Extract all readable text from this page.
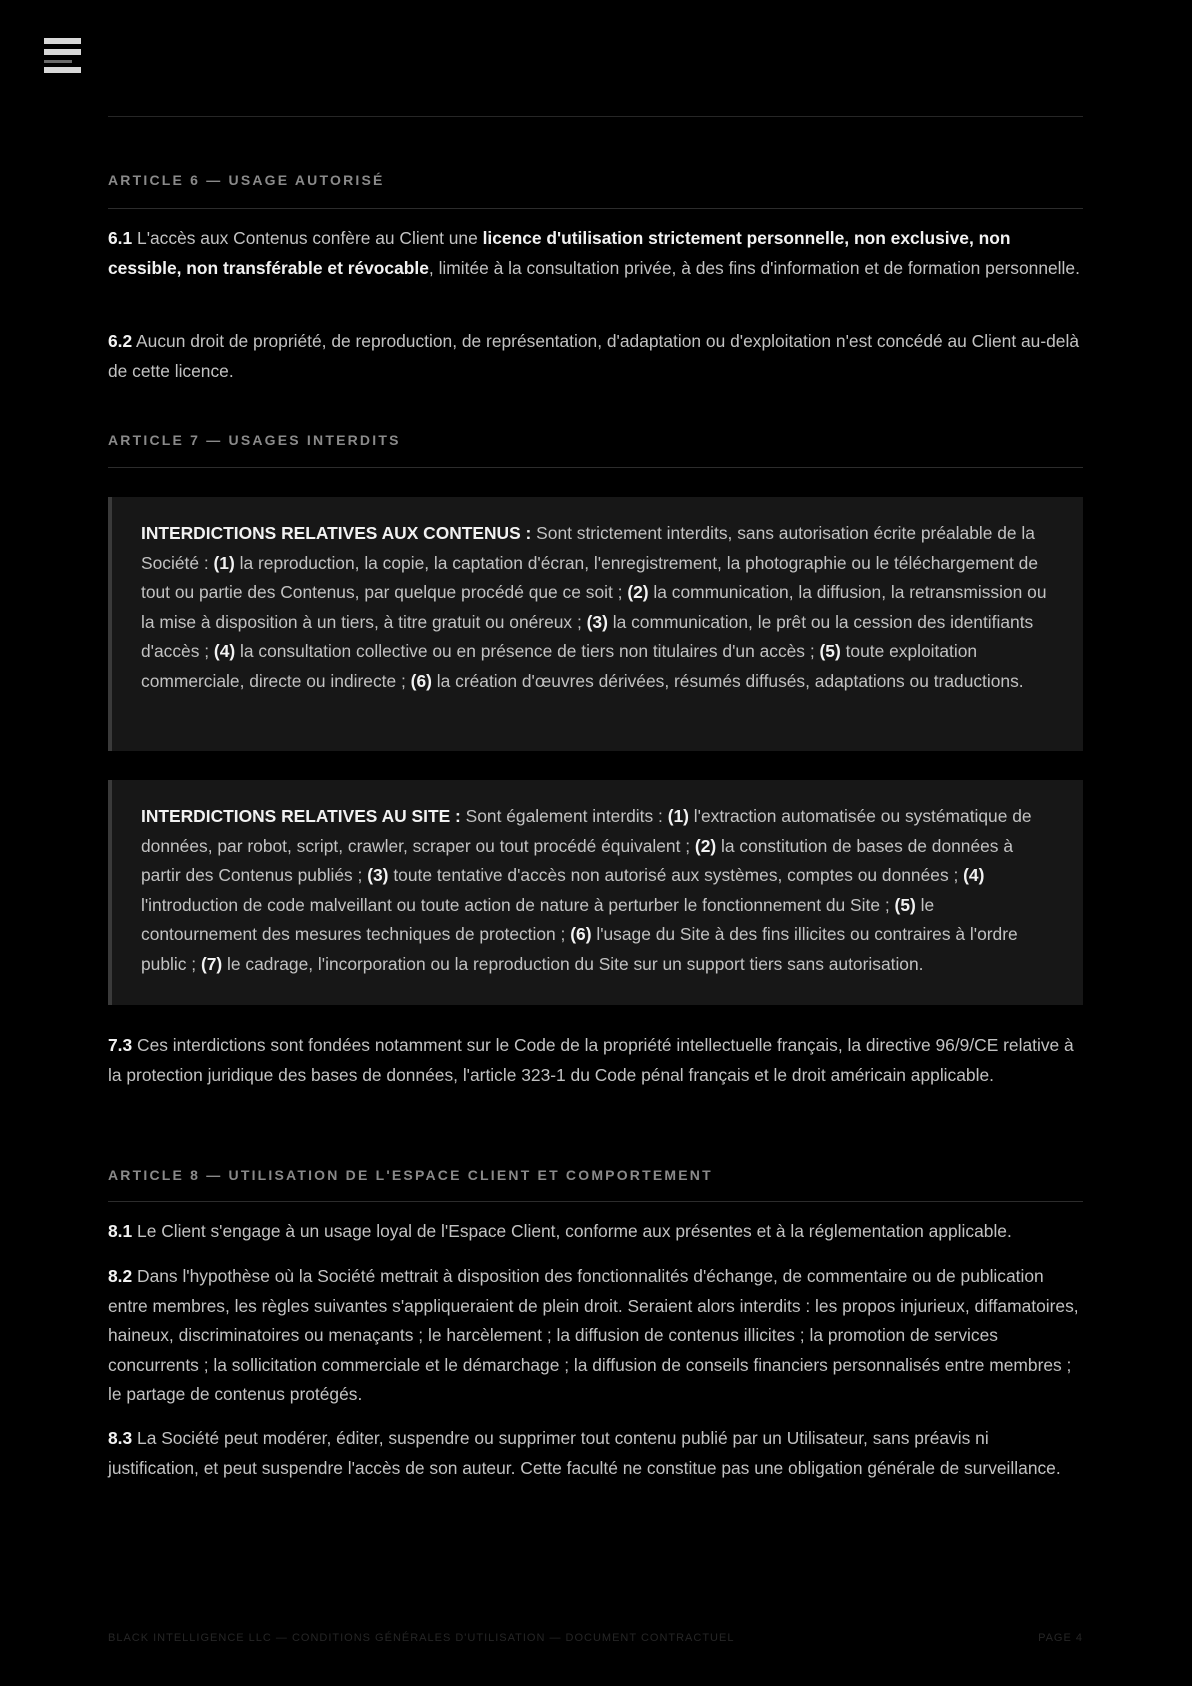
ARTICLE 6 — USAGE AUTORISÉ

6.1 L'accès aux Contenus confère au Client une licence d'utilisation strictement personnelle, non exclusive, non cessible, non transférable et révocable, limitée à la consultation privée, à des fins d'information et de formation personnelle.

6.2 Aucun droit de propriété, de reproduction, de représentation, d'adaptation ou d'exploitation n'est concédé au Client au-delà de cette licence.

ARTICLE 7 — USAGES INTERDITS
INTERDICTIONS RELATIVES AUX CONTENUS : Sont strictement interdits, sans autorisation écrite préalable de la Société : (1) la reproduction, la copie, la captation d'écran, l'enregistrement, la photographie ou le téléchargement de tout ou partie des Contenus, par quelque procédé que ce soit ; (2) la communication, la diffusion, la retransmission ou la mise à disposition à un tiers, à titre gratuit ou onéreux ; (3) la communication, le prêt ou la cession des identifiants d'accès ; (4) la consultation collective ou en présence de tiers non titulaires d'un accès ; (5) toute exploitation commerciale, directe ou indirecte ; (6) la création d'œuvres dérivées, résumés diffusés, adaptations ou traductions.
INTERDICTIONS RELATIVES AU SITE : Sont également interdits : (1) l'extraction automatisée ou systématique de données, par robot, script, crawler, scraper ou tout procédé équivalent ; (2) la constitution de bases de données à partir des Contenus publiés ; (3) toute tentative d'accès non autorisé aux systèmes, comptes ou données ; (4) l'introduction de code malveillant ou toute action de nature à perturber le fonctionnement du Site ; (5) le contournement des mesures techniques de protection ; (6) l'usage du Site à des fins illicites ou contraires à l'ordre public ; (7) le cadrage, l'incorporation ou la reproduction du Site sur un support tiers sans autorisation.

7.3 Ces interdictions sont fondées notamment sur le Code de la propriété intellectuelle français, la directive 96/9/CE relative à la protection juridique des bases de données, l'article 323-1 du Code pénal français et le droit américain applicable.

ARTICLE 8 — UTILISATION DE L'ESPACE CLIENT ET COMPORTEMENT

8.1 Le Client s'engage à un usage loyal de l'Espace Client, conforme aux présentes et à la réglementation applicable.

8.2 Dans l'hypothèse où la Société mettrait à disposition des fonctionnalités d'échange, de commentaire ou de publication entre membres, les règles suivantes s'appliqueraient de plein droit. Seraient alors interdits : les propos injurieux, diffamatoires, haineux, discriminatoires ou menaçants ; le harcèlement ; la diffusion de contenus illicites ; la promotion de services concurrents ; la sollicitation commerciale et le démarchage ; la diffusion de conseils financiers personnalisés entre membres ; le partage de contenus protégés.

8.3 La Société peut modérer, éditer, suspendre ou supprimer tout contenu publié par un Utilisateur, sans préavis ni justification, et peut suspendre l'accès de son auteur. Cette faculté ne constitue pas une obligation générale de surveillance.

BLACK INTELLIGENCE LLC — CONDITIONS GÉNÉRALES D'UTILISATION — DOCUMENT CONTRACTUEL	PAGE 4
